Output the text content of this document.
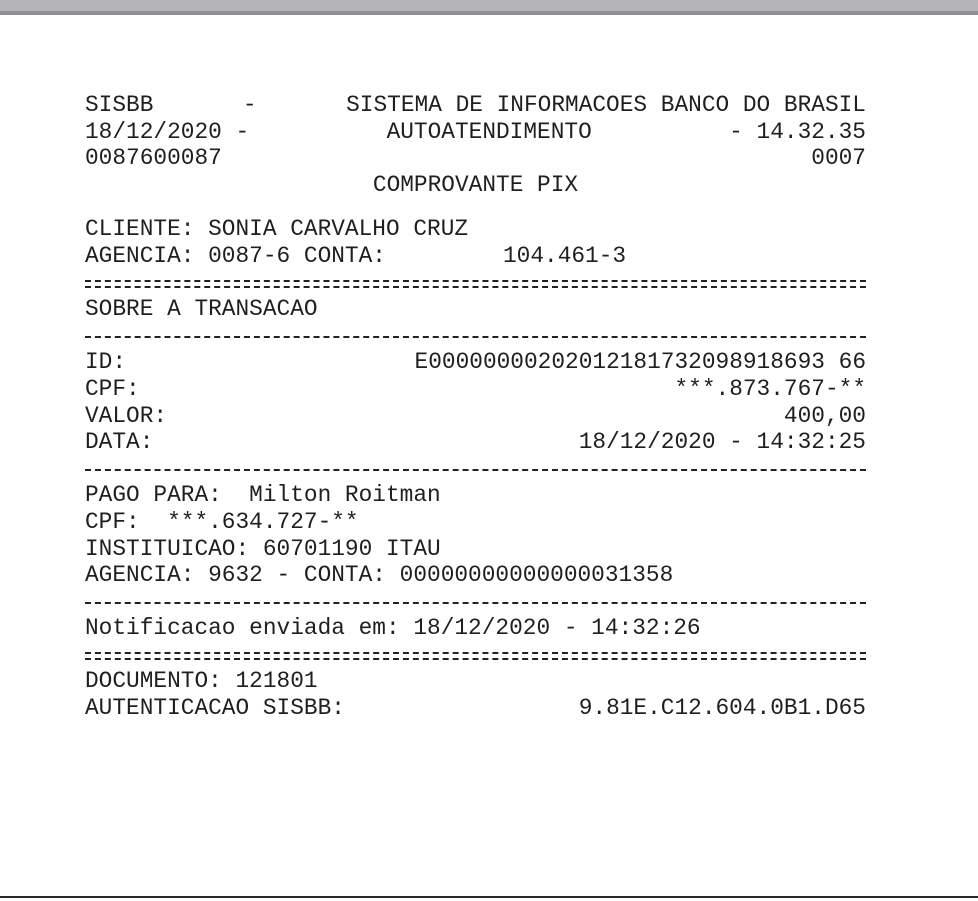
SISBB	-	SISTEMA DE INFORMACOES BANCO DO BRASIL
18/12/2020 -	AUTOATENDIMENTO	- 14.32.35
0087600087	0007
COMPROVANTE PIX
CLIENTE: SONIA CARVALHO CRUZ
AGENCIA: 0087-6 CONTA:	104.461-3
SOBRE A TRANSACAO
ID:	E00000000202012181732098918693 66
CPF:	***.873.767-**
VALOR:	400,00
DATA:	18/12/2020 - 14:32:25
PAGO PARA:  Milton Roitman
CPF:  ***.634.727-**
INSTITUICAO: 60701190 ITAU
AGENCIA: 9632 - CONTA: 00000000000000031358
Notificacao enviada em: 18/12/2020 - 14:32:26
DOCUMENTO: 121801
AUTENTICACAO SISBB:	9.81E.C12.604.0B1.D65
